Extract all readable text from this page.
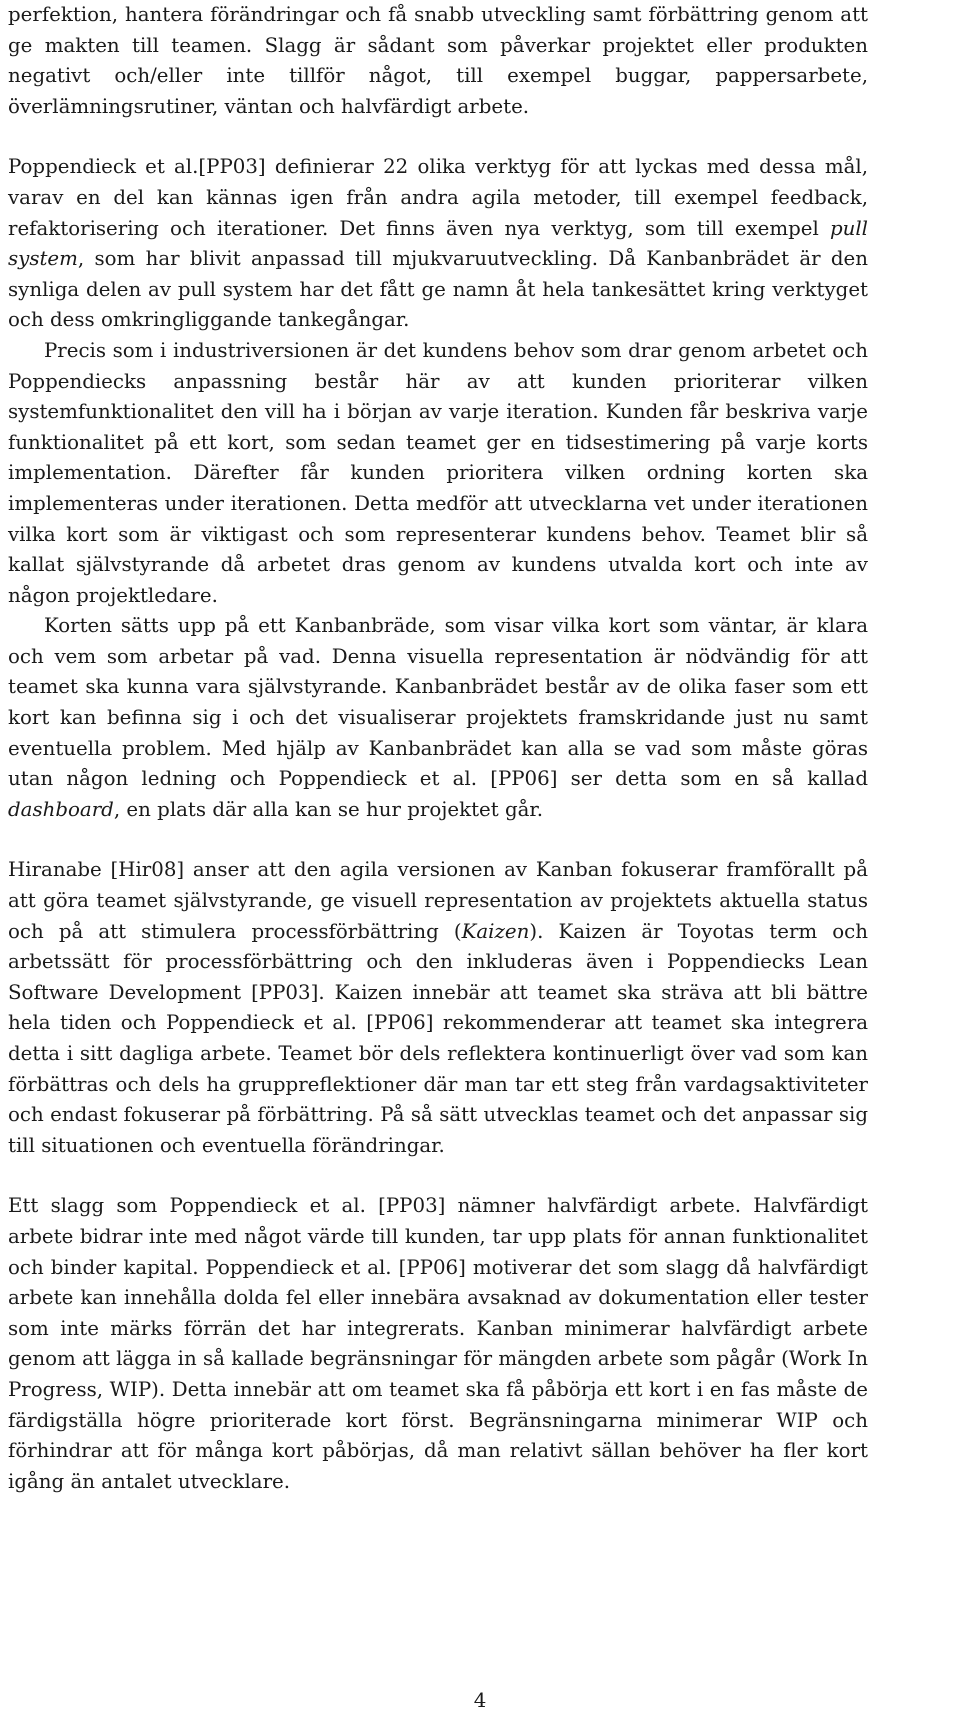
perfektion, hantera förändringar och få snabb utveckling samt förbättring genom att ge makten till teamen. Slagg är sådant som påverkar projektet eller produkten negativt och/eller inte tillför något, till exempel buggar, pappersarbete, överlämningsrutiner, väntan och halvfärdigt arbete.

Poppendieck et al.[PP03] definierar 22 olika verktyg för att lyckas med dessa mål, varav en del kan kännas igen från andra agila metoder, till exempel feedback, refaktorisering och iterationer. Det finns även nya verktyg, som till exempel pull system, som har blivit anpassad till mjukvaruutveckling. Då Kanbanbrädet är den synliga delen av pull system har det fått ge namn åt hela tankesättet kring verktyget och dess omkringliggande tankegångar.

Precis som i industriversionen är det kundens behov som drar genom arbetet och Poppendiecks anpassning består här av att kunden prioriterar vilken systemfunktionalitet den vill ha i början av varje iteration. Kunden får beskriva varje funktionalitet på ett kort, som sedan teamet ger en tidsestimering på varje korts implementation. Därefter får kunden prioritera vilken ordning korten ska implementeras under iterationen. Detta medför att utvecklarna vet under iterationen vilka kort som är viktigast och som representerar kundens behov. Teamet blir så kallat självstyrande då arbetet dras genom av kundens utvalda kort och inte av någon projektledare.

Korten sätts upp på ett Kanbanbräde, som visar vilka kort som väntar, är klara och vem som arbetar på vad. Denna visuella representation är nödvändig för att teamet ska kunna vara självstyrande. Kanbanbrädet består av de olika faser som ett kort kan befinna sig i och det visualiserar projektets framskridande just nu samt eventuella problem. Med hjälp av Kanbanbrädet kan alla se vad som måste göras utan någon ledning och Poppendieck et al. [PP06] ser detta som en så kallad dashboard, en plats där alla kan se hur projektet går.

Hiranabe [Hir08] anser att den agila versionen av Kanban fokuserar framförallt på att göra teamet självstyrande, ge visuell representation av projektets aktuella status och på att stimulera processförbättring (Kaizen). Kaizen är Toyotas term och arbetssätt för processförbättring och den inkluderas även i Poppendiecks Lean Software Development [PP03]. Kaizen innebär att teamet ska sträva att bli bättre hela tiden och Poppendieck et al. [PP06] rekommenderar att teamet ska integrera detta i sitt dagliga arbete. Teamet bör dels reflektera kontinuerligt över vad som kan förbättras och dels ha gruppreflektioner där man tar ett steg från vardagsaktiviteter och endast fokuserar på förbättring. På så sätt utvecklas teamet och det anpassar sig till situationen och eventuella förändringar.

Ett slagg som Poppendieck et al. [PP03] nämner halvfärdigt arbete. Halvfärdigt arbete bidrar inte med något värde till kunden, tar upp plats för annan funktionalitet och binder kapital. Poppendieck et al. [PP06] motiverar det som slagg då halvfärdigt arbete kan innehålla dolda fel eller innebära avsaknad av dokumentation eller tester som inte märks förrän det har integrerats. Kanban minimerar halvfärdigt arbete genom att lägga in så kallade begränsningar för mängden arbete som pågår (Work In Progress, WIP). Detta innebär att om teamet ska få påbörja ett kort i en fas måste de färdigställa högre prioriterade kort först. Begränsningarna minimerar WIP och förhindrar att för många kort påbörjas, då man relativt sällan behöver ha fler kort igång än antalet utvecklare.

4
